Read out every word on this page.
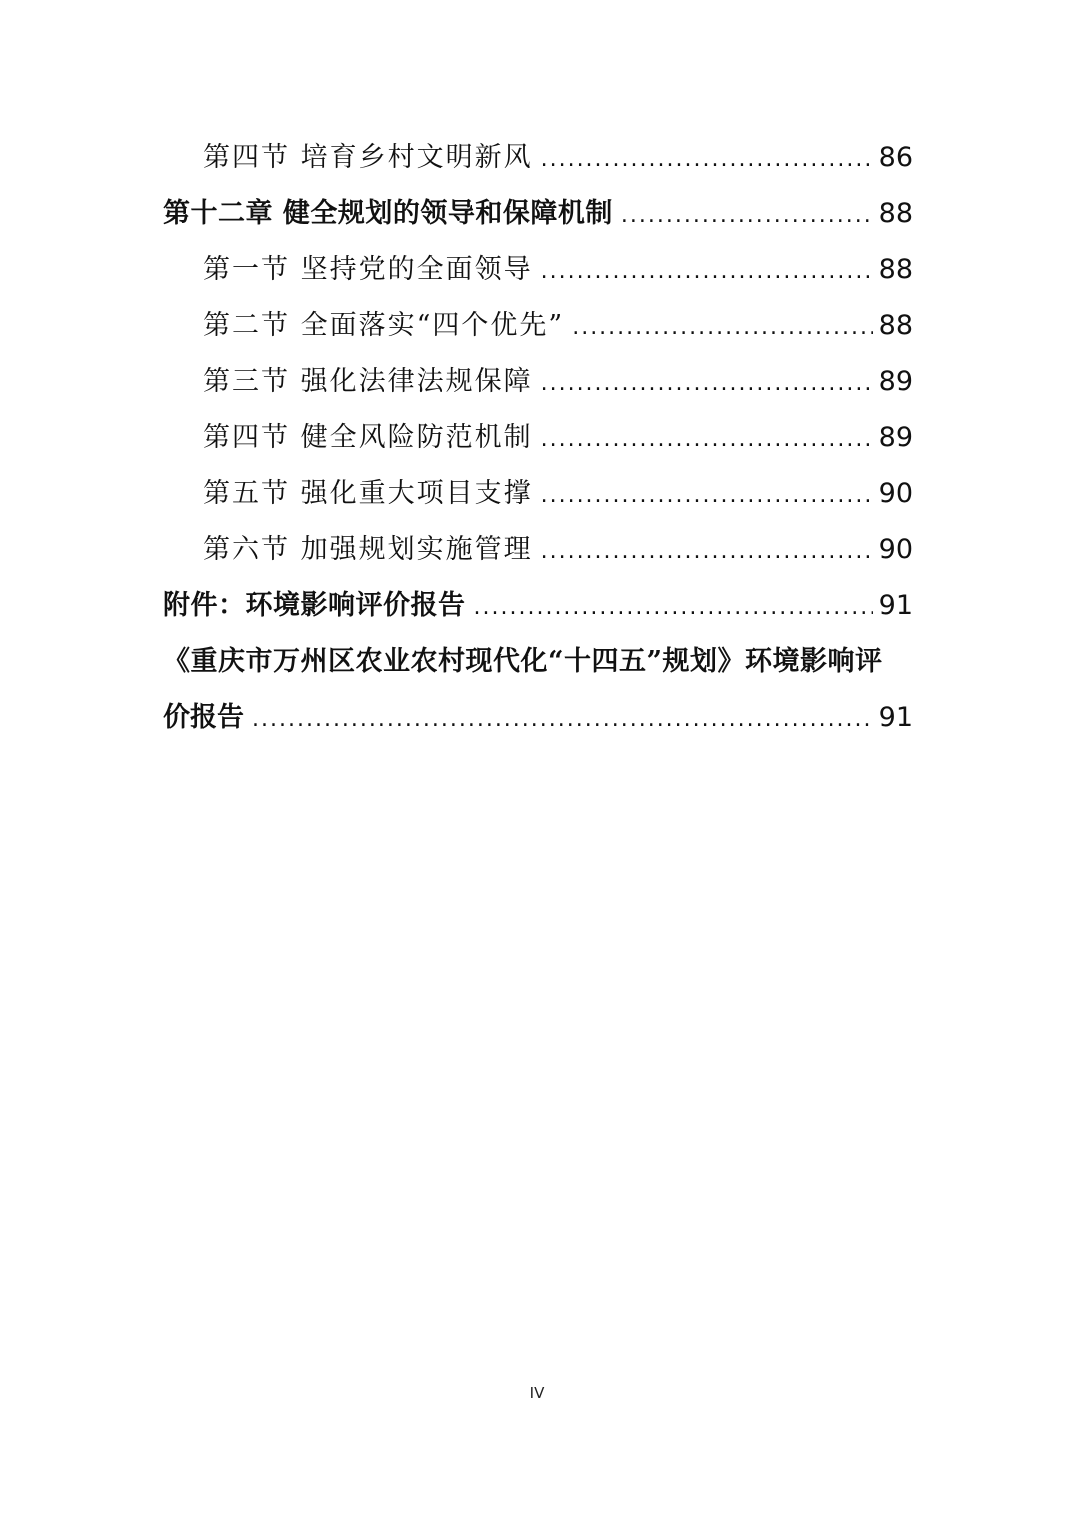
第四节 培育乡村文明新风 .....	86
第十二章 健全规划的领导和保障机制 .....	88
第一节 坚持党的全面领导 .....	88
第二节 全面落实“四个优先” .....	88
第三节 强化法律法规保障 .....	89
第四节 健全风险防范机制 .....	89
第五节 强化重大项目支撑 .....	90
第六节 加强规划实施管理 .....	90
附件：环境影响评价报告 .....	91
《重庆市万州区农业农村现代化“十四五”规划》环境影响评
价报告 .....	91
IV
